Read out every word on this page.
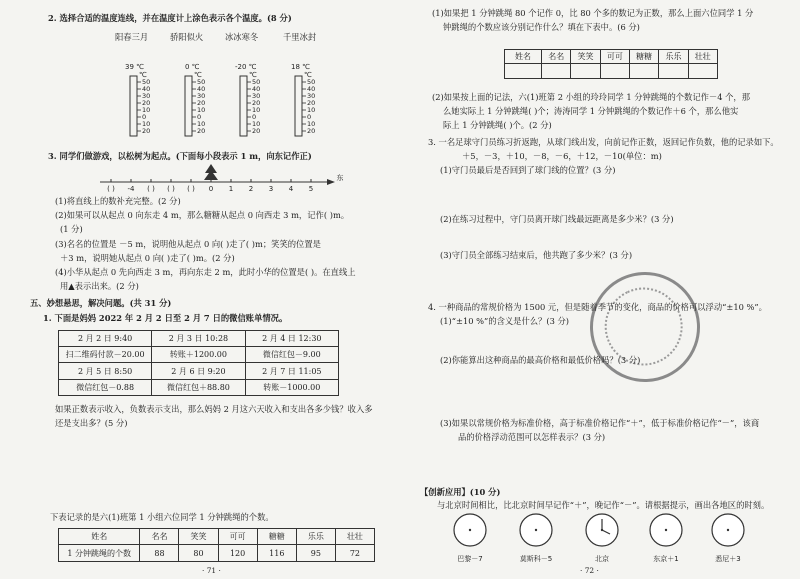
2. 选择合适的温度连线，并在温度计上涂色表示各个温度。(8 分)
阳春三月	骄阳似火	冰冰寒冬	千里冰封
39 ℃	0 ℃	-20 ℃	18 ℃
℃	℃	℃	℃
50
40
30
20
10
0
10
20
50
40
30
20
10
0
10
20
50
40
30
20
10
0
10
20
50
40
30
20
10
0
10
20
3. 同学们做游戏，以松树为起点。(下面每小段表示 1 m，向东记作正)
( ) -4 ( ) ( ) ( ) 0 1 2 3 4 5
东
(1)将直线上的数补充完整。(2 分)
(2)如果可以从起点 0 向东走 4 m，那么糖糖从起点 0 向西走 3 m，记作( )m。
(1 分)
(3)名名的位置是 －5 m，说明他从起点 0 向( )走了( )m；笑笑的位置是
＋3 m，说明她从起点 0 向( )走了( )m。(2 分)
(4)小华从起点 0 先向西走 3 m，再向东走 2 m，此时小华的位置是( )。在直线上
用▲表示出来。(2 分)
五、妙想悬思，解决问题。(共 31 分)
1. 下面是妈妈 2022 年 2 月 2 日至 2 月 7 日的微信账单情况。
2 月 2 日 9:40	2 月 3 日 10:28	2 月 4 日 12:30
扫二维码付款－20.00	转账＋1200.00	微信红包－9.00
2 月 5 日 8:50	2 月 6 日 9:20	2 月 7 日 11:05
微信红包－0.88	微信红包＋88.80	转账－1000.00
如果正数表示收入，负数表示支出，那么妈妈 2 月这六天收入和支出各多少钱？收入多
还是支出多？(5 分)
下表记录的是六(1)班第 1 小组六位同学 1 分钟跳绳的个数。
姓名	名名	笑笑	可可	糖糖	乐乐	壮壮
1 分钟跳绳的个数	88	80	120	116	95	72
· 71 ·
(1)如果把 1 分钟跳绳 80 个记作 0，比 80 个多的数记为正数，那么上面六位同学 1 分
钟跳绳的个数应该分别记作什么？填在下表中。(6 分)
姓名	名名	笑笑	可可	糖糖	乐乐	壮壮

(2)如果按上面的记法，六(1)班第 2 小组的玲玲同学 1 分钟跳绳的个数记作－4 个，那
么她实际上 1 分钟跳绳( )个；涛涛同学 1 分钟跳绳的个数记作＋6 个，那么他实
际上 1 分钟跳绳( )个。(2 分)
3. 一名足球守门员练习折返跑，从球门线出发，向前记作正数，返回记作负数，他的记录如下。
＋5，－3，＋10，－8，－6，＋12，－10(单位：m)
(1)守门员最后是否回到了球门线的位置？(3 分)
(2)在练习过程中，守门员离开球门线最远距离是多少米？(3 分)
(3)守门员全部练习结束后，他共跑了多少米？(3 分)
4. 一种商品的常规价格为 1500 元，但是随着季节的变化，商品的价格可以浮动“±10 %”。
(1)“±10 %”的含义是什么？(3 分)
(2)你能算出这种商品的最高价格和最低价格吗？(3 分)
(3)如果以常规价格为标准价格，高于标准价格记作“＋”，低于标准价格记作“－”，该商
品的价格浮动范围可以怎样表示？(3 分)
【创新应用】(10 分)
与北京时间相比，比北京时间早记作“＋”，晚记作“－”。请根据提示，画出各地区的时刻。
巴黎－7	莫斯科－5	北京	东京＋1	悉尼＋3
· 72 ·
